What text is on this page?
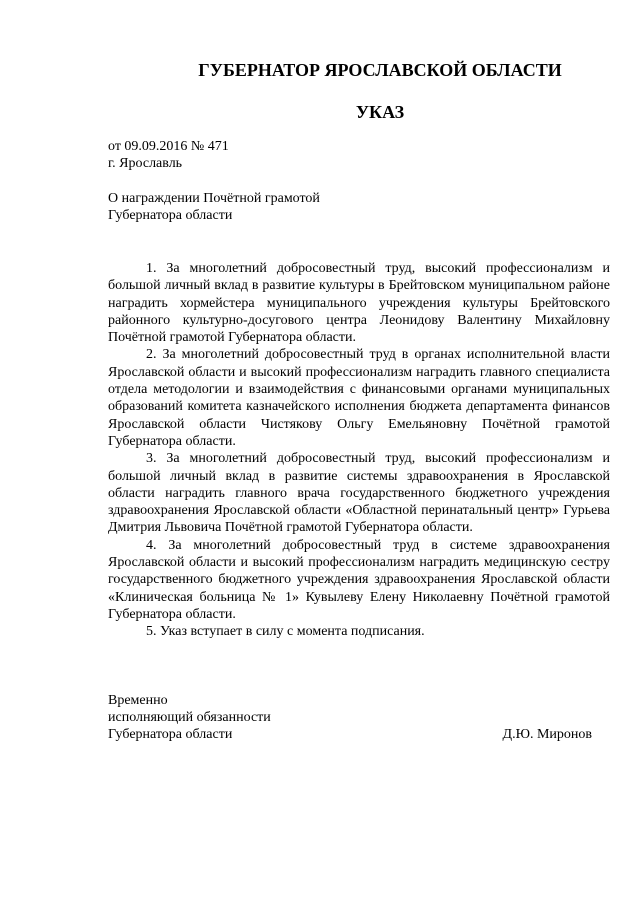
ГУБЕРНАТОР ЯРОСЛАВСКОЙ ОБЛАСТИ
УКАЗ
от 09.09.2016 № 471
г. Ярославль
О награждении Почётной грамотой
Губернатора области

1. За многолетний добросовестный труд, высокий профессионализм и большой личный вклад в развитие культуры в Брейтовском муниципальном районе наградить хормейстера муниципального учреждения культуры Брейтовского районного культурно-досугового центра Леонидову Валентину Михайловну Почётной грамотой Губернатора области.

2. За многолетний добросовестный труд в органах исполнительной власти Ярославской области и высокий профессионализм наградить главного специалиста отдела методологии и взаимодействия с финансовыми органами муниципальных образований комитета казначейского исполнения бюджета департамента финансов Ярославской области Чистякову Ольгу Емельяновну Почётной грамотой Губернатора области.

3. За многолетний добросовестный труд, высокий профессионализм и большой личный вклад в развитие системы здравоохранения в Ярославской области наградить главного врача государственного бюджетного учреждения здравоохранения Ярославской области «Областной перинатальный центр» Гурьева Дмитрия Львовича Почётной грамотой Губернатора области.

4. За многолетний добросовестный труд в системе здравоохранения Ярославской области и высокий профессионализм наградить медицинскую сестру государственного бюджетного учреждения здравоохранения Ярославской области «Клиническая больница № 1» Кувылеву Елену Николаевну Почётной грамотой Губернатора области.

5. Указ вступает в силу с момента подписания.

Временно
исполняющий обязанности
Губернатора области	Д.Ю. Миронов
